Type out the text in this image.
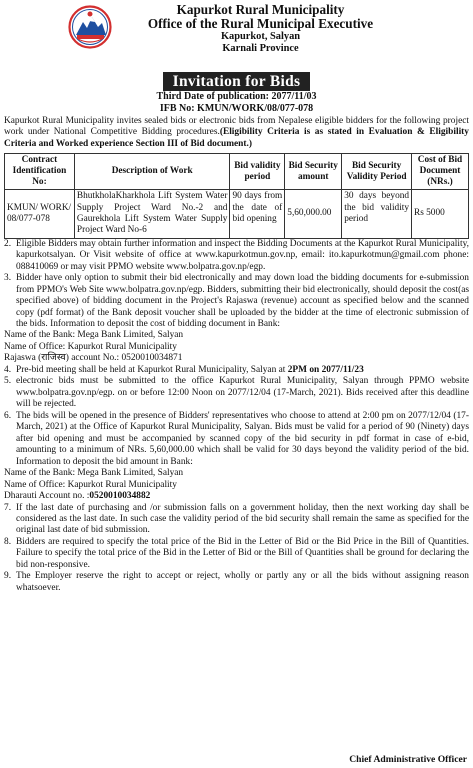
Kapurkot Rural Municipality
Office of the Rural Municipal Executive
Kapurkot, Salyan
Karnali Province
Invitation for Bids
Third Date of publication: 2077/11/03
IFB No: KMUN/WORK/08/077-078

Kapurkot Rural Municipality invites sealed bids or electronic bids from Nepalese eligible bidders for the following project work under National Competitive Bidding procedures.(Eligibility Criteria is as stated in Evaluation & Eligibility Criteria and Worked experience Section III of Bid document.)

Contract Identification No:	Description of Work	Bid validity period	Bid Security amount	Bid Security Validity Period	Cost of Bid Document (NRs.)
KMUN/ WORK/ 08/077-078	BhutkholaKharkhola Lift System Water Supply Project Ward No.-2 and Gaurekhola Lift System Water Supply Project Ward No-6	90 days from the date of bid opening	5,60,000.00	30 days beyond the bid validity period	Rs 5000
2. Eligible Bidders may obtain further information and inspect the Bidding Documents at the Kapurkot Rural Municipality, kapurkotsalyan. Or Visit website of office at www.kapurkotmun.gov.np, email: ito.kapurkotmun@gmail.com phone: 088410069 or may visit PPMO website www.bolpatra.gov.np/egp.

3. Bidder have only option to submit their bid electronically and may down load the bidding documents for e-submission from PPMO's Web Site www.bolpatra.gov.np/egp. Bidders, submitting their bid electronically, should deposit the cost(as specified above) of bidding document in the Project's Rajaswa (revenue) account as specified below and the scanned copy (pdf format) of the Bank deposit voucher shall be uploaded by the bidder at the time of electronic submission of the bids. Information to deposit the cost of bidding document in Bank:

Name of the Bank: Mega Bank Limited, Salyan
Name of Office: Kapurkot Rural Municipality
Rajaswa (राजिस्व) account No.: 0520010034871
4. Pre-bid meeting shall be held at Kapurkot Rural Municipality, Salyan at 2PM on 2077/11/23

5. electronic bids must be submitted to the office Kapurkot Rural Municipality, Salyan through PPMO website www.bolpatra.gov.np/egp. on or before 12:00 Noon on 2077/12/04 (17-March, 2021). Bids received after this deadline will be rejected.

6. The bids will be opened in the presence of Bidders' representatives who choose to attend at 2:00 pm on 2077/12/04 (17-March, 2021) at the Office of Kapurkot Rural Municipality, Salyan. Bids must be valid for a period of 90 (Ninety) days after bid opening and must be accompanied by scanned copy of the bid security in pdf format in case of e-bid, amounting to a minimum of NRs. 5,60,000.00 which shall be valid for 30 days beyond the validity period of the bid. Information to deposit the bid amount in Bank:

Name of the Bank: Mega Bank Limited, Salyan
Name of Office: Kapurkot Rural Municipality
Dharauti Account no. :0520010034882
7. If the last date of purchasing and /or submission falls on a government holiday, then the next working day shall be considered as the last date. In such case the validity period of the bid security shall remain the same as specified for the original last date of bid submission.

8. Bidders are required to specify the total price of the Bid in the Letter of Bid or the Bid Price in the Bill of Quantities. Failure to specify the total price of the Bid in the Letter of Bid or the Bill of Quantities shall be ground for declaring the bid non-responsive.

9. The Employer reserve the right to accept or reject, wholly or partly any or all the bids without assigning reason whatsoever.

Chief Administrative Officer
